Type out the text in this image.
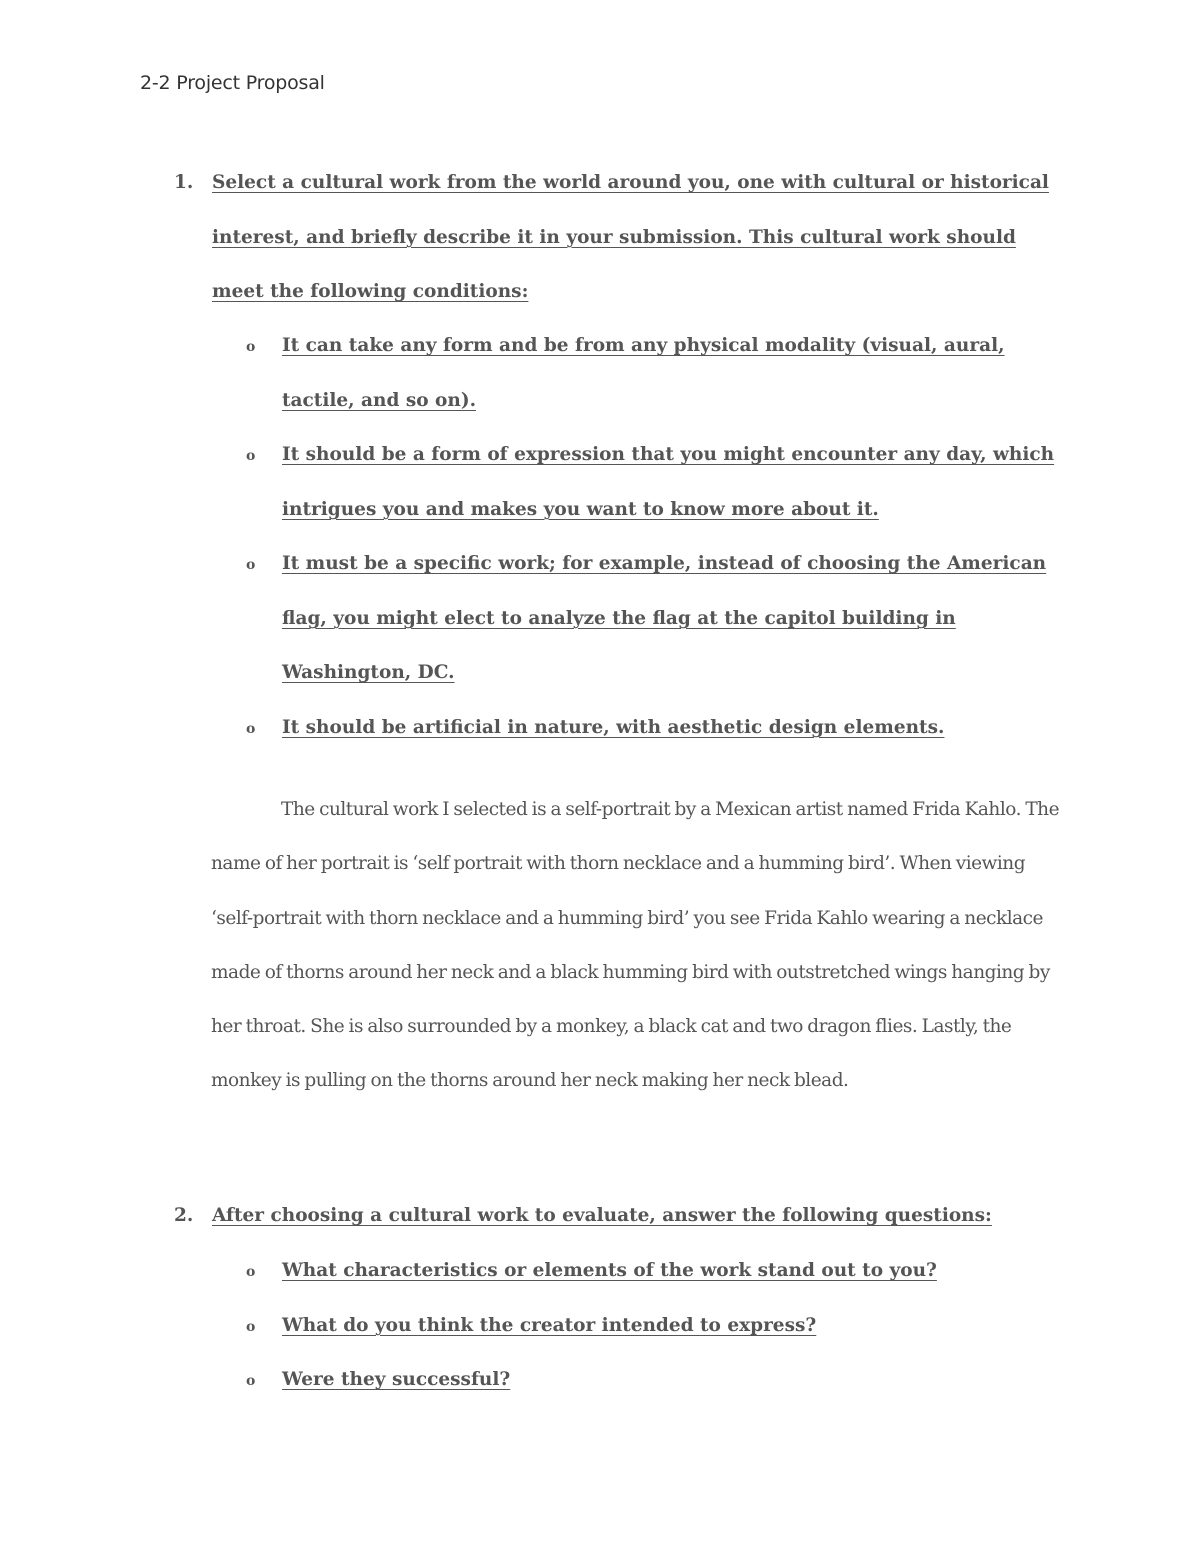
2-2 Project Proposal
1. Select a cultural work from the world around you, one with cultural or historical interest, and briefly describe it in your submission. This cultural work should meet the following conditions:
o It can take any form and be from any physical modality (visual, aural, tactile, and so on).
o It should be a form of expression that you might encounter any day, which intrigues you and makes you want to know more about it.
o It must be a specific work; for example, instead of choosing the American flag, you might elect to analyze the flag at the capitol building in Washington, DC.
o It should be artificial in nature, with aesthetic design elements.

The cultural work I selected is a self-portrait by a Mexican artist named Frida Kahlo. The name of her portrait is ‘self portrait with thorn necklace and a humming bird’. When viewing ‘self-portrait with thorn necklace and a humming bird’ you see Frida Kahlo wearing a necklace made of thorns around her neck and a black humming bird with outstretched wings hanging by her throat. She is also surrounded by a monkey, a black cat and two dragon flies. Lastly, the monkey is pulling on the thorns around her neck making her neck blead.

2. After choosing a cultural work to evaluate, answer the following questions:
o What characteristics or elements of the work stand out to you?
o What do you think the creator intended to express?
o Were they successful?
